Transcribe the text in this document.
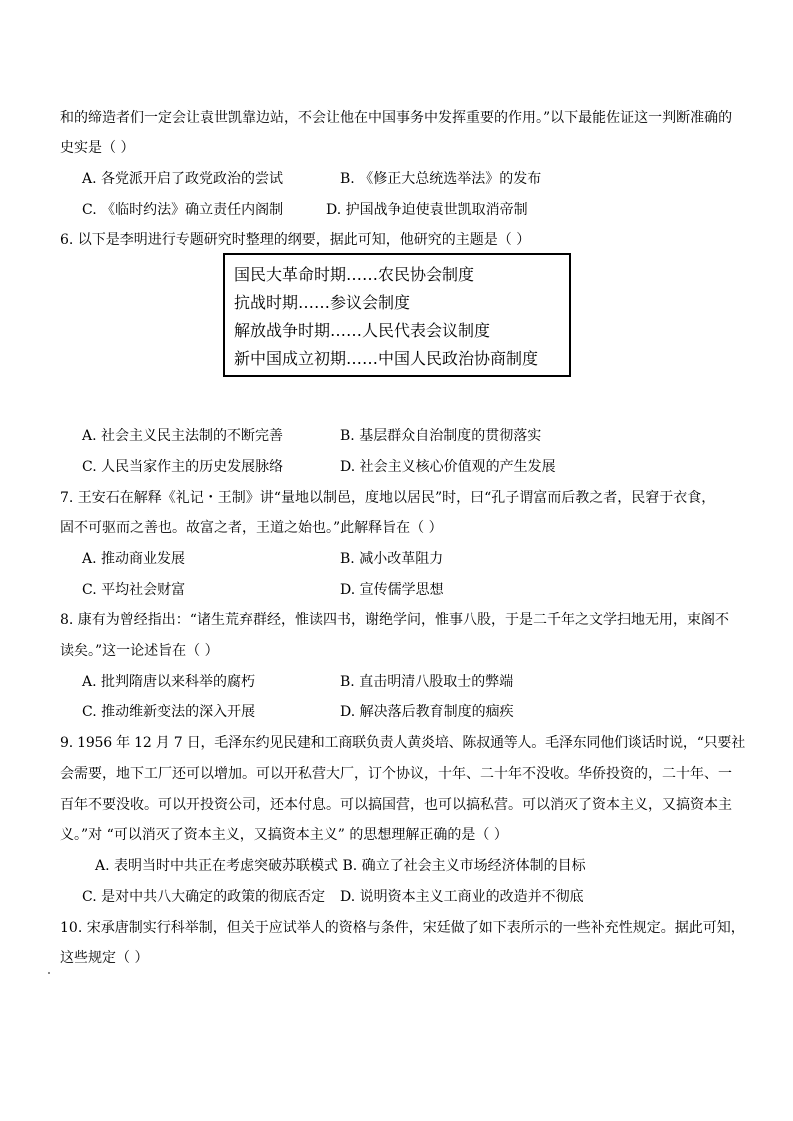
和的缔造者们一定会让袁世凯靠边站，不会让他在中国事务中发挥重要的作用。”以下最能佐证这一判断准确的
史实是（ ）
A. 各党派开启了政党政治的尝试	B. 《修正大总统选举法》的发布
C. 《临时约法》确立责任内阁制	D. 护国战争迫使袁世凯取消帝制
6. 以下是李明进行专题研究时整理的纲要，据此可知，他研究的主题是（ ）
国民大革命时期……农民协会制度
抗战时期……参议会制度
解放战争时期……人民代表会议制度
新中国成立初期……中国人民政治协商制度
A. 社会主义民主法制的不断完善	B. 基层群众自治制度的贯彻落实
C. 人民当家作主的历史发展脉络	D. 社会主义核心价值观的产生发展
7. 王安石在解释《礼记・王制》讲“量地以制邑，度地以居民”时，曰“孔子谓富而后教之者，民窘于衣食，
固不可驱而之善也。故富之者，王道之始也。”此解释旨在（ ）
A. 推动商业发展	B. 减小改革阻力
C. 平均社会财富	D. 宣传儒学思想
8. 康有为曾经指出：“诸生荒弃群经，惟读四书，谢绝学问，惟事八股，于是二千年之文学扫地无用，束阁不
读矣。”这一论述旨在（ ）
A. 批判隋唐以来科举的腐朽	B. 直击明清八股取士的弊端
C. 推动维新变法的深入开展	D. 解决落后教育制度的痼疾
9. 1956 年 12 月 7 日，毛泽东约见民建和工商联负责人黄炎培、陈叔通等人。毛泽东同他们谈话时说，“只要社
会需要，地下工厂还可以增加。可以开私营大厂，订个协议，十年、二十年不没收。华侨投资的，二十年、一
百年不要没收。可以开投资公司，还本付息。可以搞国营，也可以搞私营。可以消灭了资本主义，又搞资本主
义。”对 “可以消灭了资本主义，又搞资本主义” 的思想理解正确的是（ ）
A. 表明当时中共正在考虑突破苏联模式 B. 确立了社会主义市场经济体制的目标
C. 是对中共八大确定的政策的彻底否定 D. 说明资本主义工商业的改造并不彻底
10. 宋承唐制实行科举制，但关于应试举人的资格与条件，宋廷做了如下表所示的一些补充性规定。据此可知，
这些规定（ ）
